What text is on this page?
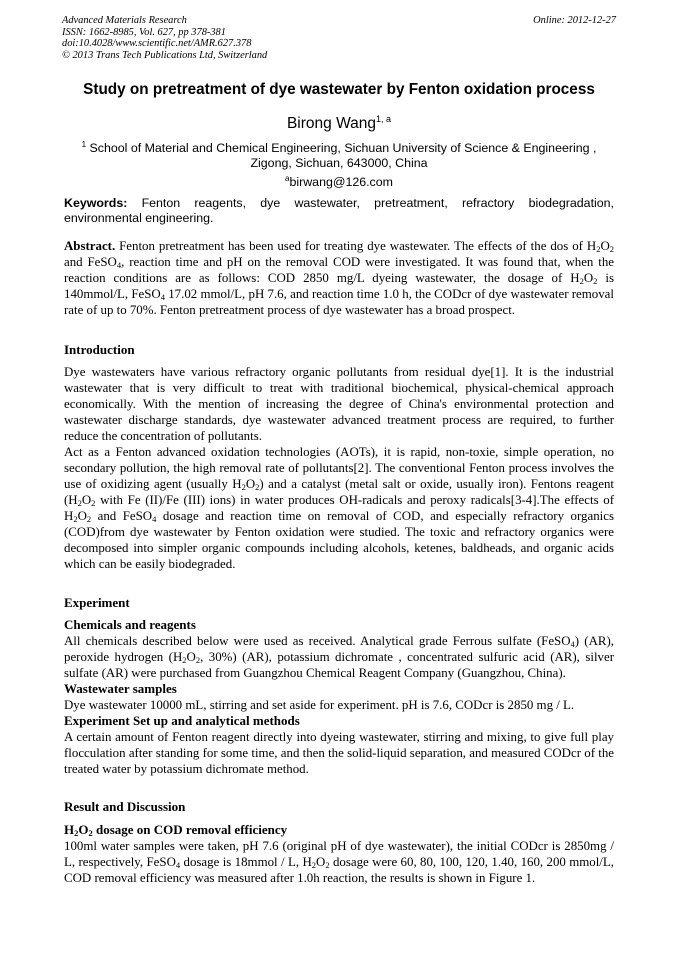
Advanced Materials Research
ISSN: 1662-8985, Vol. 627, pp 378-381
doi:10.4028/www.scientific.net/AMR.627.378
© 2013 Trans Tech Publications Ltd, Switzerland
Online: 2012-12-27
Study on pretreatment of dye wastewater by Fenton oxidation process
Birong Wang$^{1, a}$
$^1$ School of Material and Chemical Engineering, Sichuan University of Science & Engineering ,
Zigong, Sichuan, 643000, China
$^a$birwang@126.com
Keywords: Fenton reagents, dye wastewater, pretreatment, refractory biodegradation, environmental engineering.

Abstract. Fenton pretreatment has been used for treating dye wastewater. The effects of the dos of $H_2O_2$ and FeSO$_4$, reaction time and pH on the removal COD were investigated. It was found that, when the reaction conditions are as follows: COD 2850 mg/L dyeing wastewater, the dosage of $H_2O_2$ is 140mmol/L, FeSO$_4$ 17.02 mmol/L, pH 7.6, and reaction time 1.0 h, the CODcr of dye wastewater removal rate of up to 70%. Fenton pretreatment process of dye wastewater has a broad prospect.

Introduction

Dye wastewaters have various refractory organic pollutants from residual dye[1]. It is the industrial wastewater that is very difficult to treat with traditional biochemical, physical-chemical approach economically. With the mention of increasing the degree of China's environmental protection and wastewater discharge standards, dye wastewater advanced treatment process are required, to further reduce the concentration of pollutants.

Act as a Fenton advanced oxidation technologies (AOTs), it is rapid, non-toxie, simple operation, no secondary pollution, the high removal rate of pollutants[2]. The conventional Fenton process involves the use of oxidizing agent (usually $H_2O_2$) and a catalyst (metal salt or oxide, usually iron). Fentons reagent ($H_2O_2$ with Fe (II)/Fe (III) ions) in water produces OH-radicals and peroxy radicals[3-4].The effects of $H_2O_2$ and FeSO$_4$ dosage and reaction time on removal of COD, and especially refractory organics (COD)from dye wastewater by Fenton oxidation were studied. The toxic and refractory organics were decomposed into simpler organic compounds including alcohols, ketenes, baldheads, and organic acids which can be easily biodegraded.

Experiment
Chemicals and reagents

All chemicals described below were used as received. Analytical grade Ferrous sulfate (FeSO$_4$) (AR), peroxide hydrogen ($H_2O_2$, 30%) (AR), potassium dichromate , concentrated sulfuric acid (AR), silver sulfate (AR) were purchased from Guangzhou Chemical Reagent Company (Guangzhou, China).

Wastewater samples

Dye wastewater 10000 mL, stirring and set aside for experiment. pH is 7.6, CODcr is 2850 mg / L.

Experiment Set up and analytical methods

A certain amount of Fenton reagent directly into dyeing wastewater, stirring and mixing, to give full play flocculation after standing for some time, and then the solid-liquid separation, and measured CODcr of the treated water by potassium dichromate method.

Result and Discussion
$H_2O_2$ dosage on COD removal efficiency

100ml water samples were taken, pH 7.6 (original pH of dye wastewater), the initial CODcr is 2850mg / L, respectively, FeSO$_4$ dosage is 18mmol / L, $H_2O_2$ dosage were 60, 80, 100, 120, 1.40, 160, 200 mmol/L, COD removal efficiency was measured after 1.0h reaction, the results is shown in Figure 1.
